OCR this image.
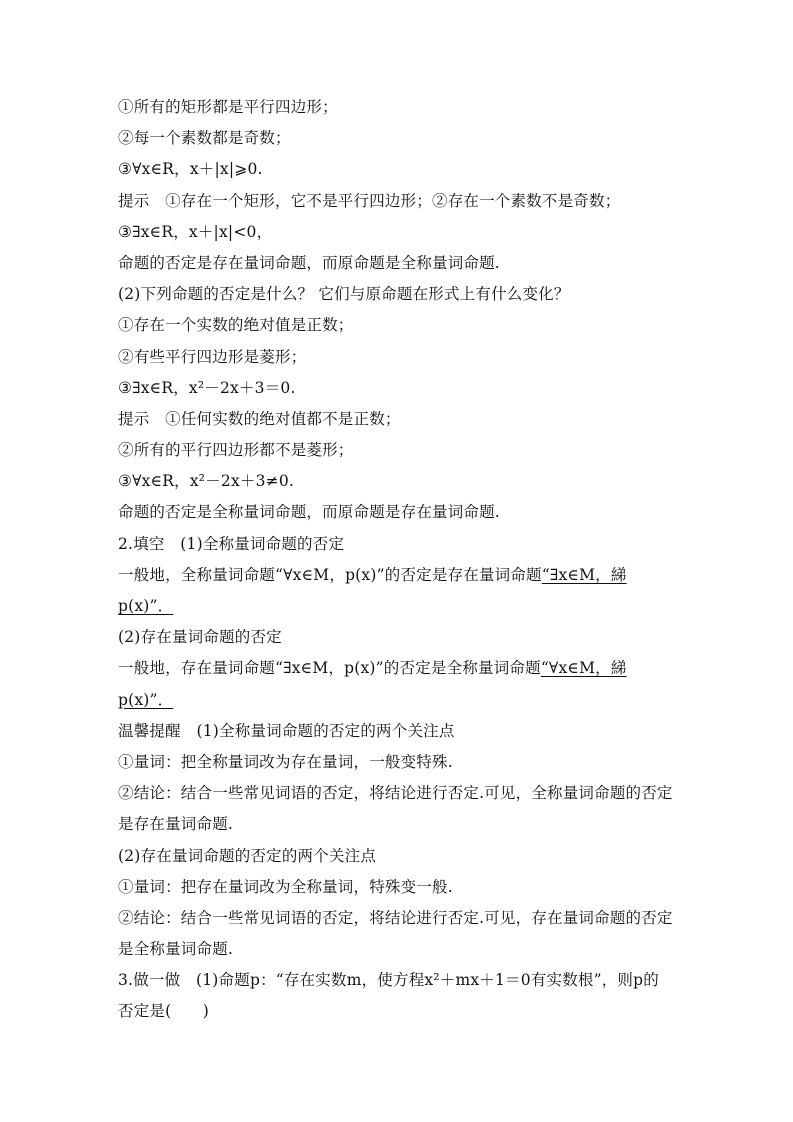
①所有的矩形都是平行四边形；
②每一个素数都是奇数；
③∀x∈R，x＋|x|⩾0.
提示　①存在一个矩形，它不是平行四边形；②存在一个素数不是奇数；
③∃x∈R，x＋|x|<0，
命题的否定是存在量词命题，而原命题是全称量词命题.
(2)下列命题的否定是什么？ 它们与原命题在形式上有什么变化？
①存在一个实数的绝对值是正数；
②有些平行四边形是菱形；
③∃x∈R，x²－2x＋3＝0.
提示　①任何实数的绝对值都不是正数；
②所有的平行四边形都不是菱形；
③∀x∈R，x²－2x＋3≠0.
命题的否定是全称量词命题，而原命题是存在量词命题.
2.填空　(1)全称量词命题的否定
一般地，全称量词命题“∀x∈M，p(x)”的否定是存在量词命题“∃x∈M，綈
p(x)”．
(2)存在量词命题的否定
一般地，存在量词命题“∃x∈M，p(x)”的否定是全称量词命题“∀x∈M，綈
p(x)”．
温馨提醒　(1)全称量词命题的否定的两个关注点
①量词：把全称量词改为存在量词，一般变特殊.
②结论：结合一些常见词语的否定，将结论进行否定.可见，全称量词命题的否定
是存在量词命题.
(2)存在量词命题的否定的两个关注点
①量词：把存在量词改为全称量词，特殊变一般.
②结论：结合一些常见词语的否定，将结论进行否定.可见，存在量词命题的否定
是全称量词命题.
3.做一做　(1)命题p：“存在实数m，使方程x²＋mx＋1＝0有实数根”，则p的
否定是(　　)
